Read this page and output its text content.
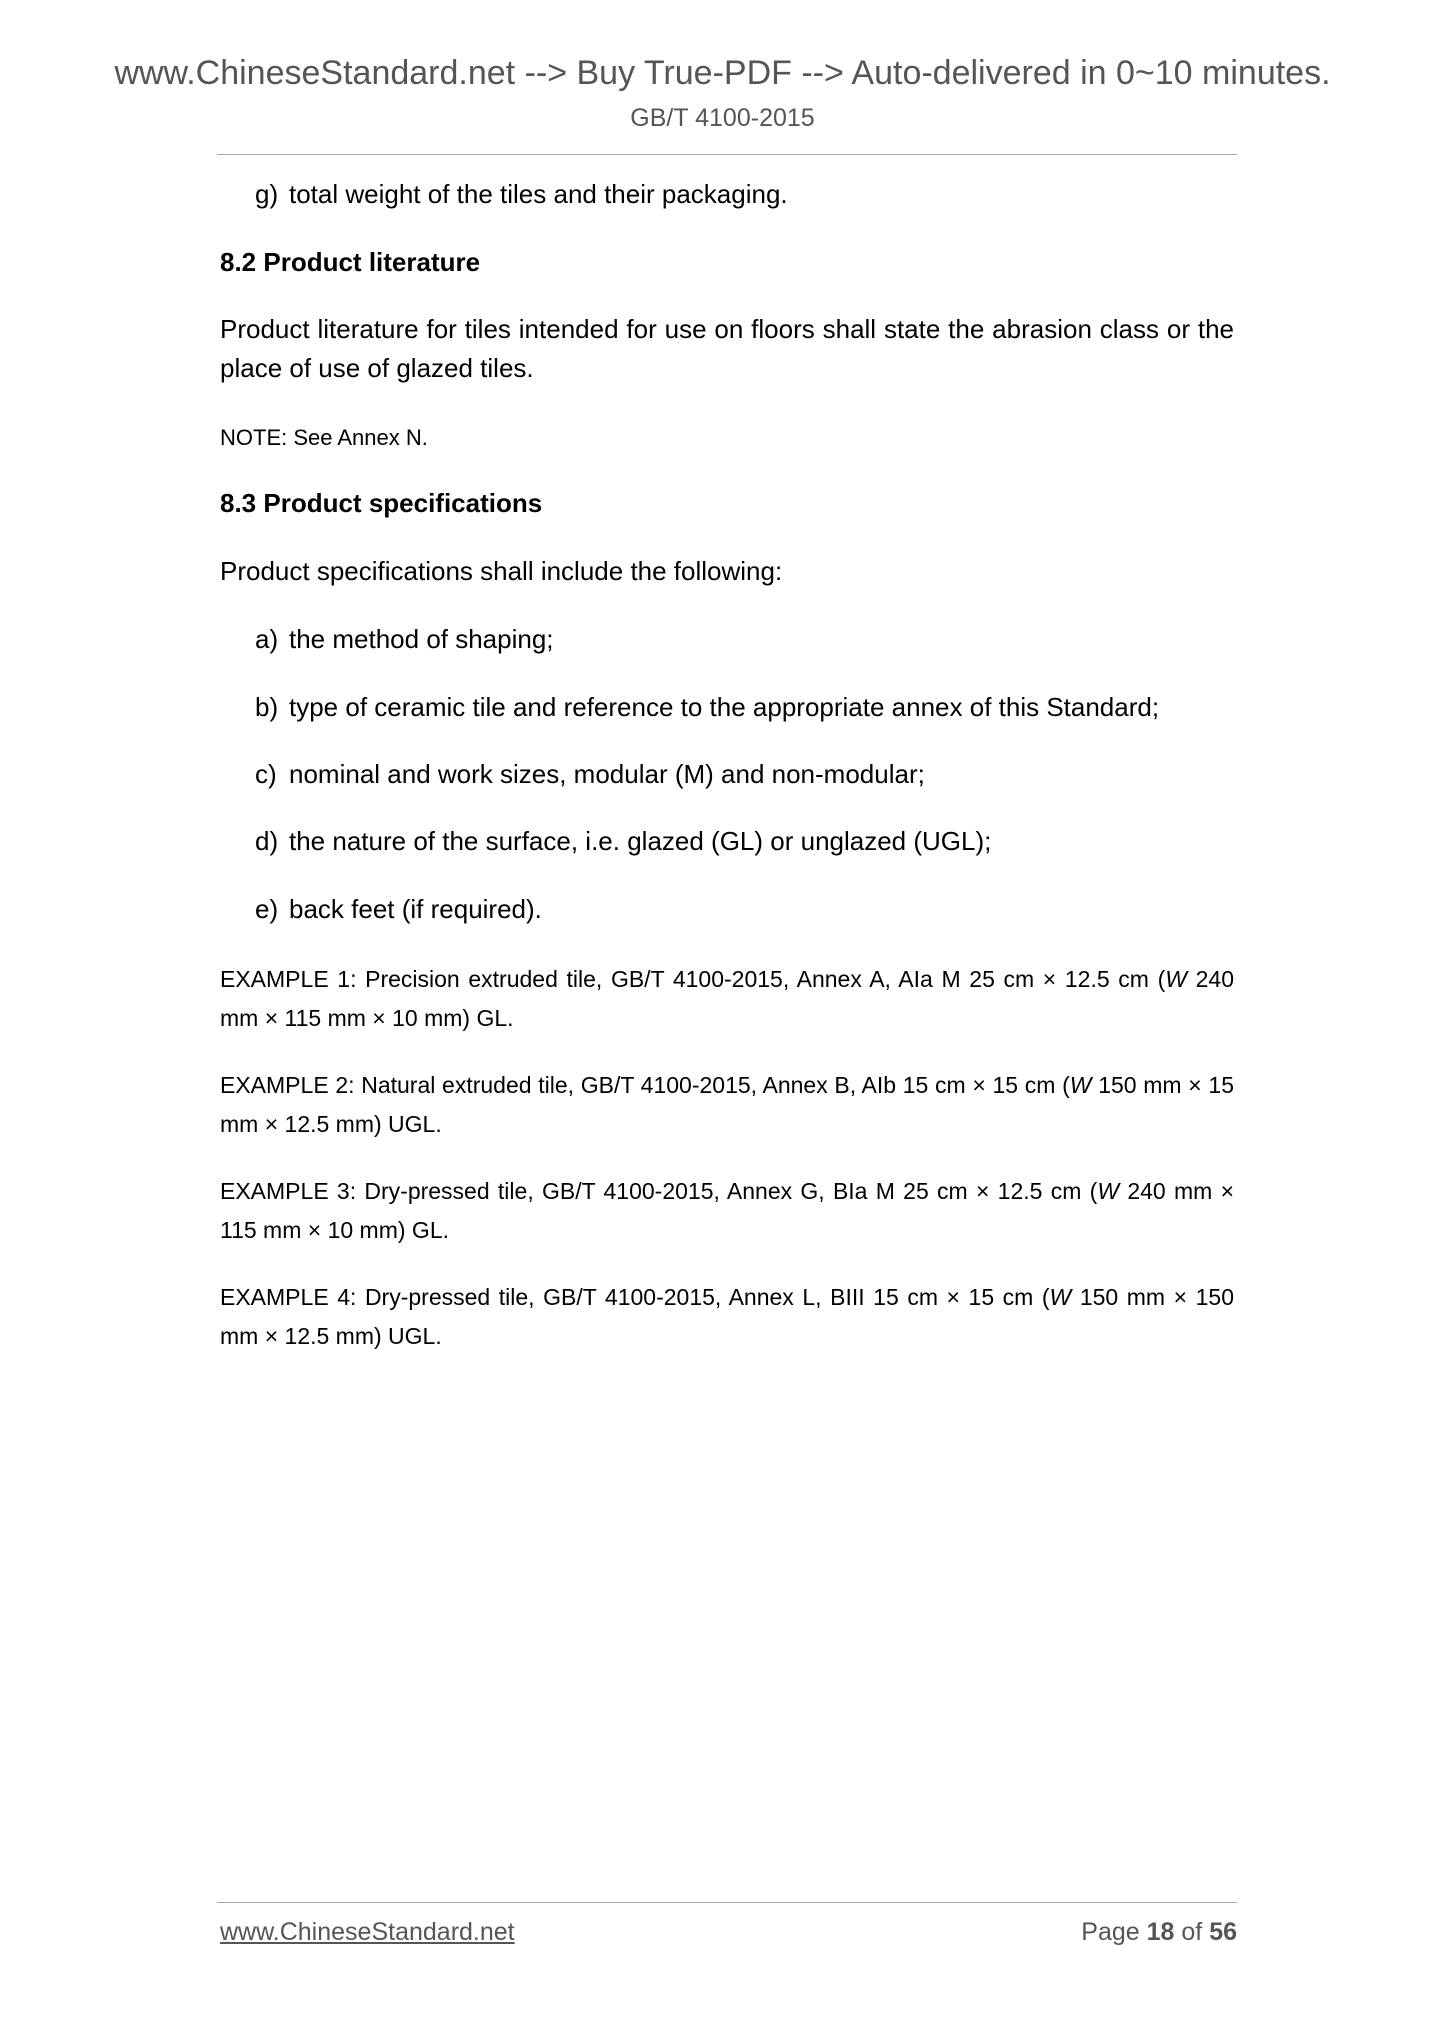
www.ChineseStandard.net --> Buy True-PDF --> Auto-delivered in 0~10 minutes.
GB/T 4100-2015
g) total weight of the tiles and their packaging.
8.2 Product literature
Product literature for tiles intended for use on floors shall state the abrasion class or the place of use of glazed tiles.
NOTE: See Annex N.
8.3 Product specifications
Product specifications shall include the following:
a) the method of shaping;
b) type of ceramic tile and reference to the appropriate annex of this Standard;
c) nominal and work sizes, modular (M) and non-modular;
d) the nature of the surface, i.e. glazed (GL) or unglazed (UGL);
e) back feet (if required).
EXAMPLE 1: Precision extruded tile, GB/T 4100-2015, Annex A, AIa M 25 cm × 12.5 cm (W 240 mm × 115 mm × 10 mm) GL.
EXAMPLE 2: Natural extruded tile, GB/T 4100-2015, Annex B, AIb 15 cm × 15 cm (W 150 mm × 15 mm × 12.5 mm) UGL.
EXAMPLE 3: Dry-pressed tile, GB/T 4100-2015, Annex G, BIa M 25 cm × 12.5 cm (W 240 mm × 115 mm × 10 mm) GL.
EXAMPLE 4: Dry-pressed tile, GB/T 4100-2015, Annex L, BIII 15 cm × 15 cm (W 150 mm × 150 mm × 12.5 mm) UGL.
www.ChineseStandard.net	Page 18 of 56
